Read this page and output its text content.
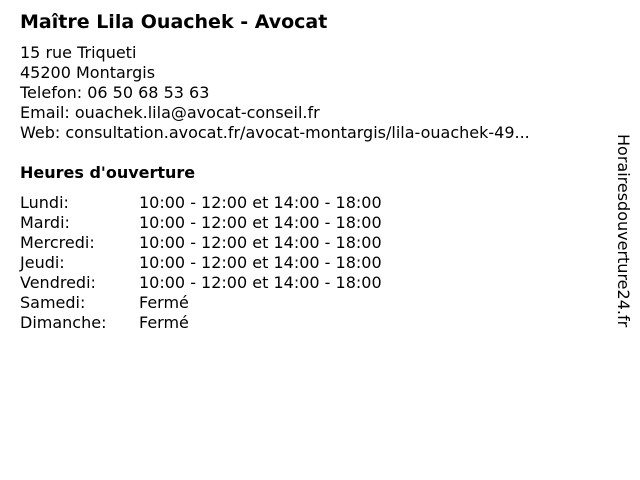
Maître Lila Ouachek - Avocat
15 rue Triqueti
45200 Montargis
Telefon: 06 50 68 53 63
Email: ouachek.lila@avocat-conseil.fr
Web: consultation.avocat.fr/avocat-montargis/lila-ouachek-49...
Heures d'ouverture
Lundi:	10:00 - 12:00 et 14:00 - 18:00
Mardi:	10:00 - 12:00 et 14:00 - 18:00
Mercredi:	10:00 - 12:00 et 14:00 - 18:00
Jeudi:	10:00 - 12:00 et 14:00 - 18:00
Vendredi:	10:00 - 12:00 et 14:00 - 18:00
Samedi:	Fermé
Dimanche:	Fermé	Horairesdouverture24.fr
